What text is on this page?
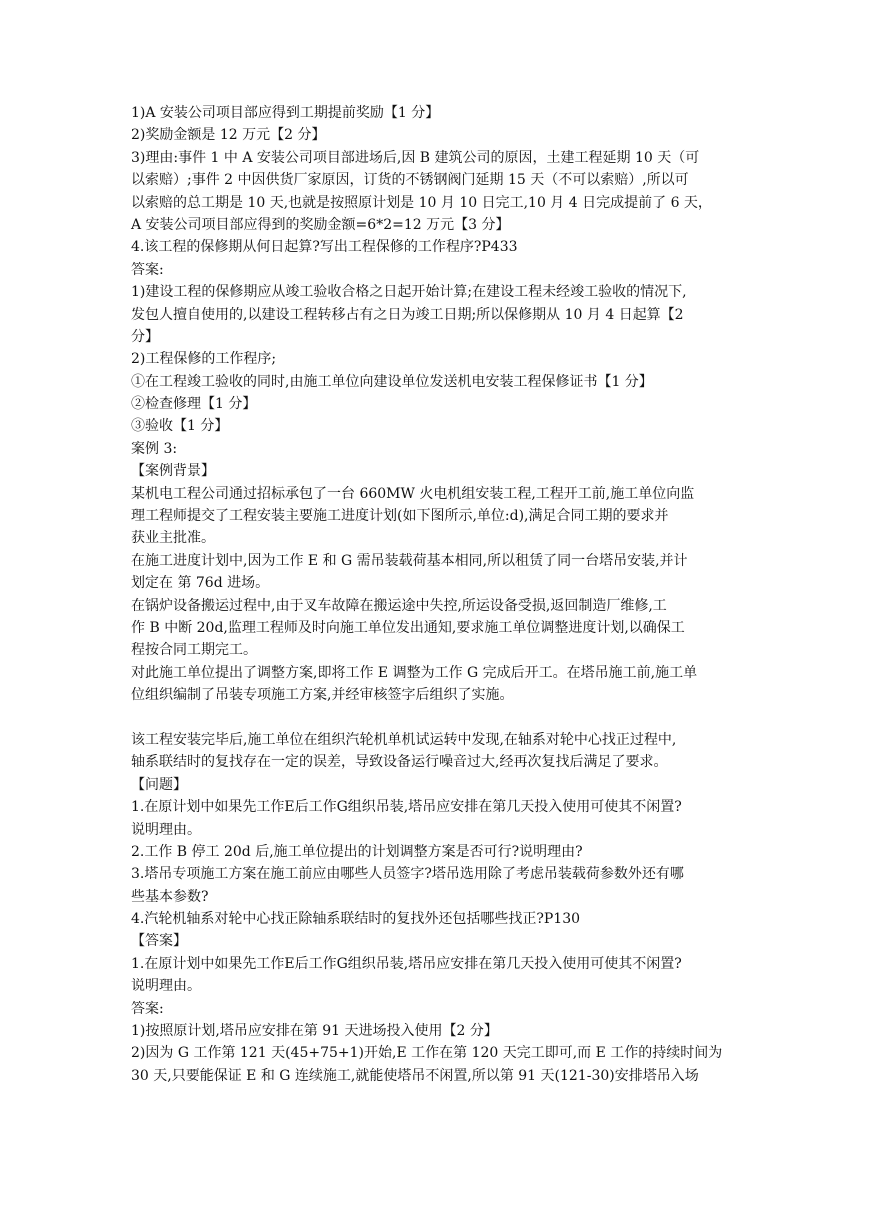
1)A 安装公司项目部应得到工期提前奖励【1 分】
2)奖励金额是 12 万元【2 分】
3)理由:事件 1 中 A 安装公司项目部进场后,因 B 建筑公司的原因，土建工程延期 10 天（可
以索赔）;事件 2 中因供货厂家原因，订货的不锈钢阀门延期 15 天（不可以索赔）,所以可
以索赔的总工期是 10 天,也就是按照原计划是 10 月 10 日完工,10 月 4 日完成提前了 6 天，
A 安装公司项目部应得到的奖励金额=6*2=12 万元【3 分】
4.该工程的保修期从何日起算?写出工程保修的工作程序?P433
答案:
1)建设工程的保修期应从竣工验收合格之日起开始计算;在建设工程未经竣工验收的情况下,
发包人擅自使用的,以建设工程转移占有之日为竣工日期;所以保修期从 10 月 4 日起算【2
分】
2)工程保修的工作程序;
①在工程竣工验收的同时,由施工单位向建设单位发送机电安装工程保修证书【1 分】
②检查修理【1 分】
③验收【1 分】
案例 3:
【案例背景】
某机电工程公司通过招标承包了一台 660MW 火电机组安装工程,工程开工前,施工单位向监
理工程师提交了工程安装主要施工进度计划(如下图所示,单位:d),满足合同工期的要求并
获业主批准。
在施工进度计划中,因为工作 E 和 G 需吊装载荷基本相同,所以租赁了同一台塔吊安装,并计
划定在 第 76d 进场。
在锅炉设备搬运过程中,由于叉车故障在搬运途中失控,所运设备受损,返回制造厂维修,工
作 B 中断 20d,监理工程师及时向施工单位发出通知,要求施工单位调整进度计划,以确保工
程按合同工期完工。
对此施工单位提出了调整方案,即将工作 E 调整为工作 G 完成后开工。在塔吊施工前,施工单
位组织编制了吊装专项施工方案,并经审核签字后组织了实施。
该工程安装完毕后,施工单位在组织汽轮机单机试运转中发现,在轴系对轮中心找正过程中,
轴系联结时的复找存在一定的误差，导致设备运行噪音过大,经再次复找后满足了要求。
【问题】
1.在原计划中如果先工作E后工作G组织吊装,塔吊应安排在第几天投入使用可使其不闲置?
说明理由。
2.工作 B 停工 20d 后,施工单位提出的计划调整方案是否可行?说明理由?
3.塔吊专项施工方案在施工前应由哪些人员签字?塔吊选用除了考虑吊装载荷参数外还有哪
些基本参数?
4.汽轮机轴系对轮中心找正除轴系联结时的复找外还包括哪些找正?P130
【答案】
1.在原计划中如果先工作E后工作G组织吊装,塔吊应安排在第几天投入使用可使其不闲置?
说明理由。
答案:
1)按照原计划,塔吊应安排在第 91 天进场投入使用【2 分】
2)因为 G 工作第 121 天(45+75+1)开始,E 工作在第 120 天完工即可,而 E 工作的持续时间为
30 天,只要能保证 E 和 G 连续施工,就能使塔吊不闲置,所以第 91 天(121-30)安排塔吊入场
